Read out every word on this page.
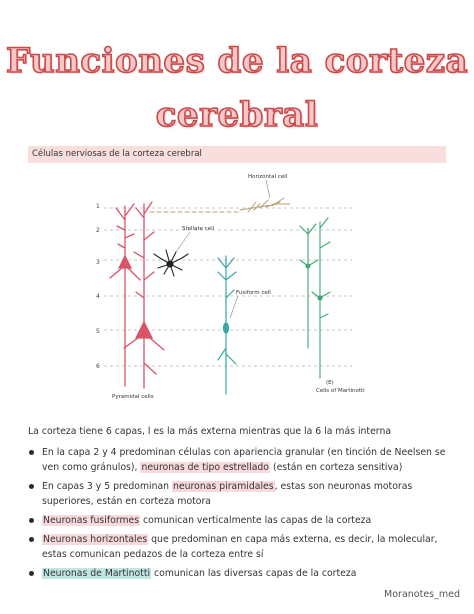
Funciones de la corteza
cerebral
Células nerviosas de la corteza cerebral
1
2
3
4
5
6
Horizontal cell
Stellate cell
Fusiform cell
Pyramidal cells
(E)
Cells of Martinotti

La corteza tiene 6 capas, l es la más externa mientras que la 6 la más interna

En la capa 2 y 4 predominan células con apariencia granular (en tinción de Neelsen se ven como gránulos), neuronas de tipo estrellado (están en corteza sensitiva)
En capas 3 y 5 predominan neuronas piramidales, estas son neuronas motoras superiores, están en corteza motora
Neuronas fusiformes comunican verticalmente las capas de la corteza
Neuronas horizontales que predominan en capa más externa, es decir, la molecular, estas comunican pedazos de la corteza entre sí
Neuronas de Martinotti comunican las diversas capas de la corteza
Moranotes_med
